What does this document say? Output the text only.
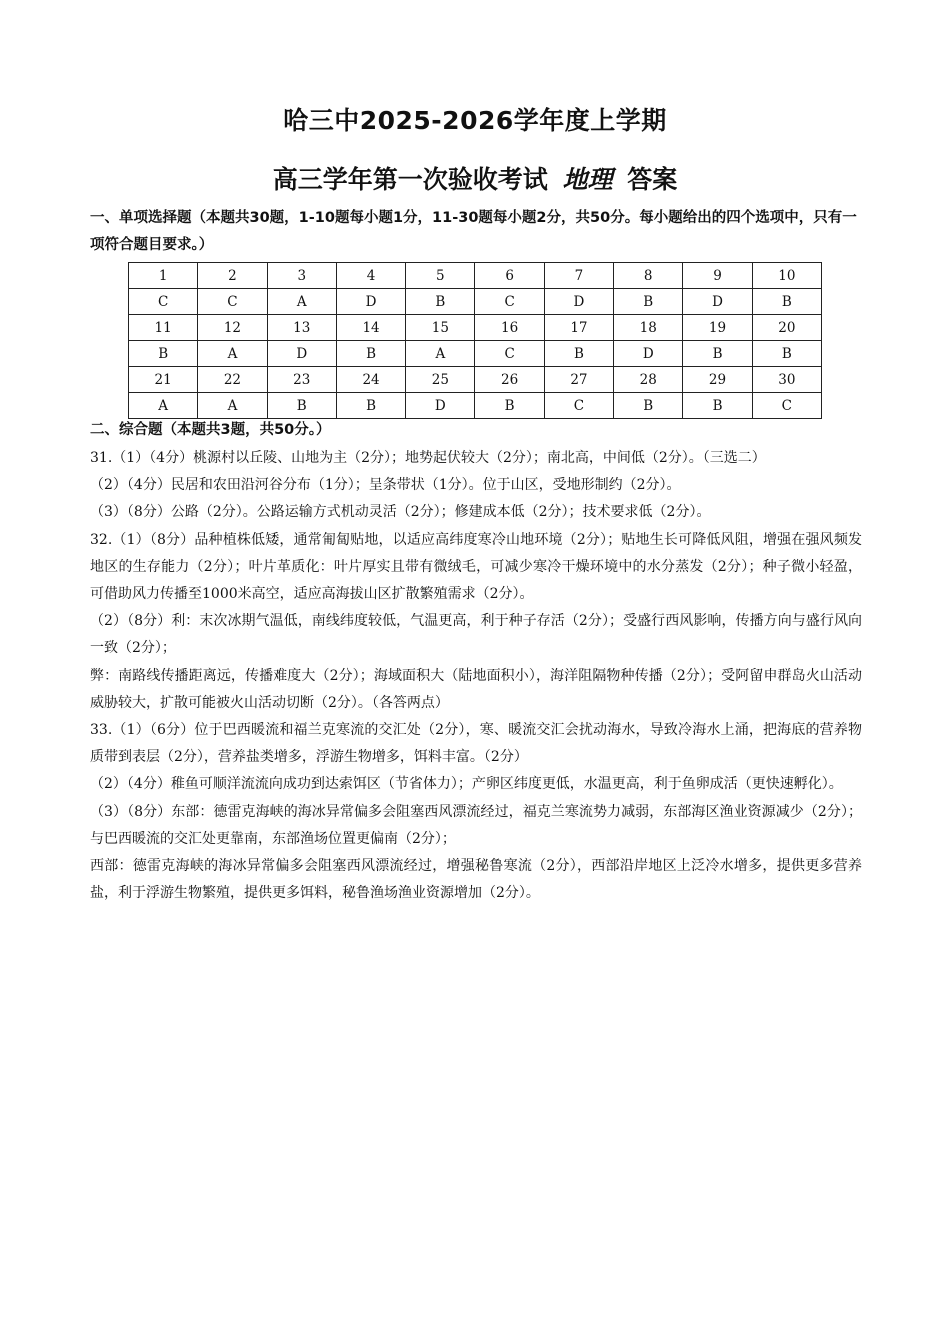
哈三中2025-2026学年度上学期
高三学年第一次验收考试 地理 答案
一、单项选择题（本题共30题，1-10题每小题1分，11-30题每小题2分，共50分。每小题给出的四个选项中，只有一项符合题目要求。）
1	2	3	4	5	6	7	8	9	10
C	C	A	D	B	C	D	B	D	B
11	12	13	14	15	16	17	18	19	20
B	A	D	B	A	C	B	D	B	B
21	22	23	24	25	26	27	28	29	30
A	A	B	B	D	B	C	B	B	C
二、综合题（本题共3题，共50分。）

31.（1）（4分）桃源村以丘陵、山地为主（2分）；地势起伏较大（2分）；南北高，中间低（2分）。（三选二）

（2）（4分）民居和农田沿河谷分布（1分）；呈条带状（1分）。位于山区，受地形制约（2分）。

（3）（8分）公路（2分）。公路运输方式机动灵活（2分）；修建成本低（2分）；技术要求低（2分）。

32.（1）（8分）品种植株低矮，通常匍匐贴地，以适应高纬度寒冷山地环境（2分）；贴地生长可降低风阻，增强在强风频发地区的生存能力（2分）；叶片革质化：叶片厚实且带有微绒毛，可减少寒冷干燥环境中的水分蒸发（2分）；种子微小轻盈，可借助风力传播至1000米高空，适应高海拔山区扩散繁殖需求（2分）。

（2）（8分）利：末次冰期气温低，南线纬度较低，气温更高，利于种子存活（2分）；受盛行西风影响，传播方向与盛行风向一致（2分）；

弊：南路线传播距离远，传播难度大（2分）；海域面积大（陆地面积小），海洋阻隔物种传播（2分）；受阿留申群岛火山活动威胁较大，扩散可能被火山活动切断（2分）。（各答两点）

33.（1）（6分）位于巴西暖流和福兰克寒流的交汇处（2分），寒、暖流交汇会扰动海水，导致冷海水上涌，把海底的营养物质带到表层（2分），营养盐类增多，浮游生物增多，饵料丰富。（2分）

（2）（4分）稚鱼可顺洋流流向成功到达索饵区（节省体力）；产卵区纬度更低，水温更高，利于鱼卵成活（更快速孵化）。

（3）（8分）东部：德雷克海峡的海冰异常偏多会阻塞西风漂流经过，福克兰寒流势力减弱，东部海区渔业资源减少（2分）；与巴西暖流的交汇处更靠南，东部渔场位置更偏南（2分）；

西部：德雷克海峡的海冰异常偏多会阻塞西风漂流经过，增强秘鲁寒流（2分），西部沿岸地区上泛冷水增多，提供更多营养盐，利于浮游生物繁殖，提供更多饵料，秘鲁渔场渔业资源增加（2分）。
